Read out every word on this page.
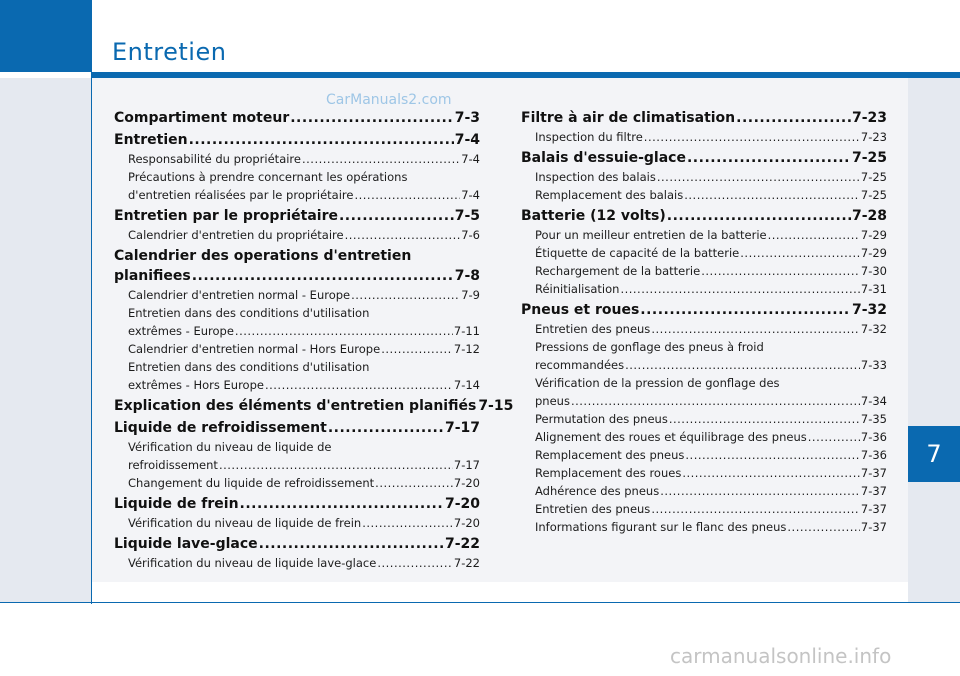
Entretien
CarManuals2.com
Compartiment moteur .....	7-3
Entretien .....	7-4
Responsabilité du propriétaire .....	7-4
Précautions à prendre concernant les opérations
d'entretien réalisées par le propriétaire .....	7-4
Entretien par le propriétaire .....	7-5
Calendrier d'entretien du propriétaire .....	7-6
Calendrier des operations d'entretien
planifiees .....	7-8
Calendrier d'entretien normal - Europe .....	7-9
Entretien dans des conditions d'utilisation
extrêmes - Europe .....	7-11
Calendrier d'entretien normal - Hors Europe .....	7-12
Entretien dans des conditions d'utilisation
extrêmes - Hors Europe .....	7-14
Explication des éléments d'entretien planifiés 7-15
Liquide de refroidissement .....	7-17
Vérification du niveau de liquide de
refroidissement .....	7-17
Changement du liquide de refroidissement .....	7-20
Liquide de frein .....	7-20
Vérification du niveau de liquide de frein .....	7-20
Liquide lave-glace .....	7-22
Vérification du niveau de liquide lave-glace .....	7-22
Filtre à air de climatisation .....	7-23
Inspection du filtre .....	7-23
Balais d'essuie-glace .....	7-25
Inspection des balais .....	7-25
Remplacement des balais .....	7-25
Batterie (12 volts) .....	7-28
Pour un meilleur entretien de la batterie .....	7-29
Étiquette de capacité de la batterie .....	7-29
Rechargement de la batterie .....	7-30
Réinitialisation .....	7-31
Pneus et roues .....	7-32
Entretien des pneus .....	7-32
Pressions de gonflage des pneus à froid
recommandées .....	7-33
Vérification de la pression de gonflage des
pneus .....	7-34
Permutation des pneus .....	7-35
Alignement des roues et équilibrage des pneus .....	7-36
Remplacement des pneus .....	7-36
Remplacement des roues .....	7-37
Adhérence des pneus .....	7-37
Entretien des pneus .....	7-37
Informations figurant sur le flanc des pneus .....	7-37
7
carmanualsonline.info
